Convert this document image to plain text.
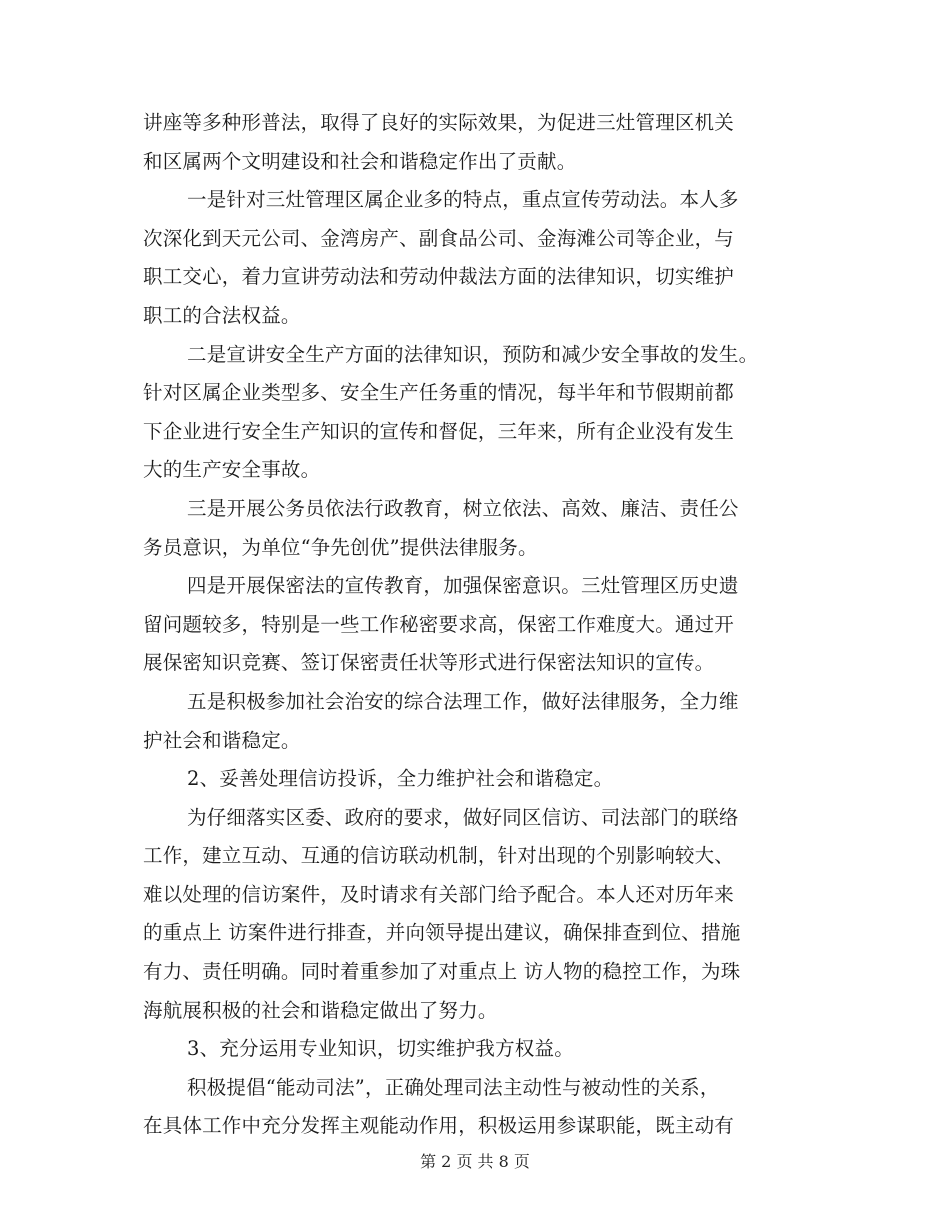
讲座等多种形普法，取得了良好的实际效果，为促进三灶管理区机关
和区属两个文明建设和社会和谐稳定作出了贡献。
一是针对三灶管理区属企业多的特点，重点宣传劳动法。本人多
次深化到天元公司、金湾房产、副食品公司、金海滩公司等企业，与
职工交心，着力宣讲劳动法和劳动仲裁法方面的法律知识，切实维护
职工的合法权益。
二是宣讲安全生产方面的法律知识，预防和减少安全事故的发生。
针对区属企业类型多、安全生产任务重的情况，每半年和节假期前都
下企业进行安全生产知识的宣传和督促，三年来，所有企业没有发生
大的生产安全事故。
三是开展公务员依法行政教育，树立依法、高效、廉洁、责任公
务员意识，为单位“争先创优”提供法律服务。
四是开展保密法的宣传教育，加强保密意识。三灶管理区历史遗
留问题较多，特别是一些工作秘密要求高，保密工作难度大。通过开
展保密知识竞赛、签订保密责任状等形式进行保密法知识的宣传。
五是积极参加社会治安的综合法理工作，做好法律服务，全力维
护社会和谐稳定。
2、妥善处理信访投诉，全力维护社会和谐稳定。
为仔细落实区委、政府的要求，做好同区信访、司法部门的联络
工作，建立互动、互通的信访联动机制，针对出现的个别影响较大、
难以处理的信访案件，及时请求有关部门给予配合。本人还对历年来
的重点上 访案件进行排查，并向领导提出建议，确保排查到位、措施
有力、责任明确。同时着重参加了对重点上 访人物的稳控工作，为珠
海航展积极的社会和谐稳定做出了努力。
3、充分运用专业知识，切实维护我方权益。
积极提倡“能动司法”，正确处理司法主动性与被动性的关系，
在具体工作中充分发挥主观能动作用，积极运用参谋职能，既主动有
第 2 页 共 8 页
